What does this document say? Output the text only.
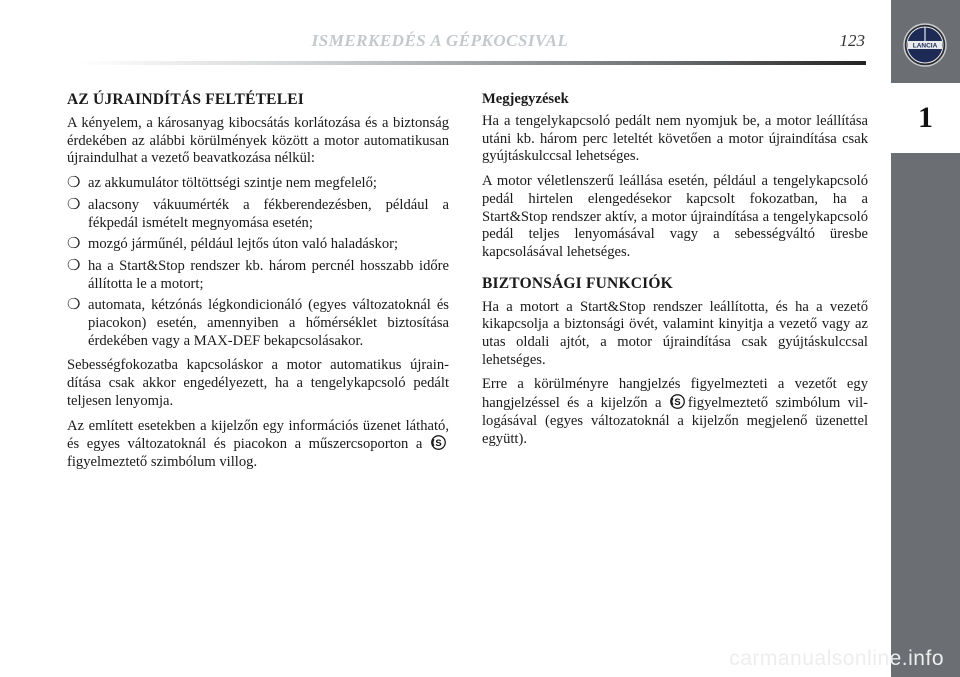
ISMERKEDÉS A GÉPKOCSIVAL	123	LANCIA
1
AZ ÚJRAINDÍTÁS FELTÉTELEI

A kényelem, a károsanyag kibocsátás korlátozása és a biztonság érdekében az alábbi körülmények között a motor automatikusan újraindulhat a vezető beavatkozása nélkül:

❍ az akkumulátor töltöttségi szintje nem megfelelő;
❍ alacsony vákuumérték a fékberendezésben, például a fékpedál ismételt megnyomása esetén;
❍ mozgó járműnél, például lejtős úton való haladáskor;
❍ ha a Start&Stop rendszer kb. három percnél hosszabb időre állította le a motort;
❍ automata, kétzónás légkondicionáló (egyes változatoknál és piacokon) esetén, amennyiben a hőmérséklet biztosítása érdekében vagy a MAX-DEF bekapcsolásakor.

Sebességfokozatba kapcsoláskor a motor automatikus újraindítása csak akkor engedélyezett, ha a tengelykapcsoló pedált teljesen lenyomja.

Az említett esetekben a kijelzőn egy információs üzenet látható, és egyes változatoknál és piacokon a műszercsoporton a S
figyelmeztető szimbólum villog.

Megjegyzések

Ha a tengelykapcsoló pedált nem nyomjuk be, a motor leállítása utáni kb. három perc leteltét követően a motor újraindítása csak gyújtáskulccsal lehetséges.

A motor véletlenszerű leállása esetén, például a tengelykapcsoló pedál hirtelen elengedésekor kapcsolt fokozatban, ha a Start&Stop rendszer aktív, a motor újraindítása a tengelykapcsoló pedál teljes lenyomásával vagy a sebességváltó üresbe kapcsolásával lehetséges.

BIZTONSÁGI FUNKCIÓK

Ha a motort a Start&Stop rendszer leállította, és ha a vezető kikapcsolja a biztonsági övét, valamint kinyitja a vezető vagy az utas oldali ajtót, a motor újraindítása csak gyújtáskulccsal lehetséges.

Erre a körülményre hangjelzés figyelmezteti a vezetőt egy hangjelzéssel és a kijelzőn a S figyelmeztető szimbólum villogásával (egyes változatoknál a kijelzőn megjelenő üzenettel együtt).

carmanualsonline.info
